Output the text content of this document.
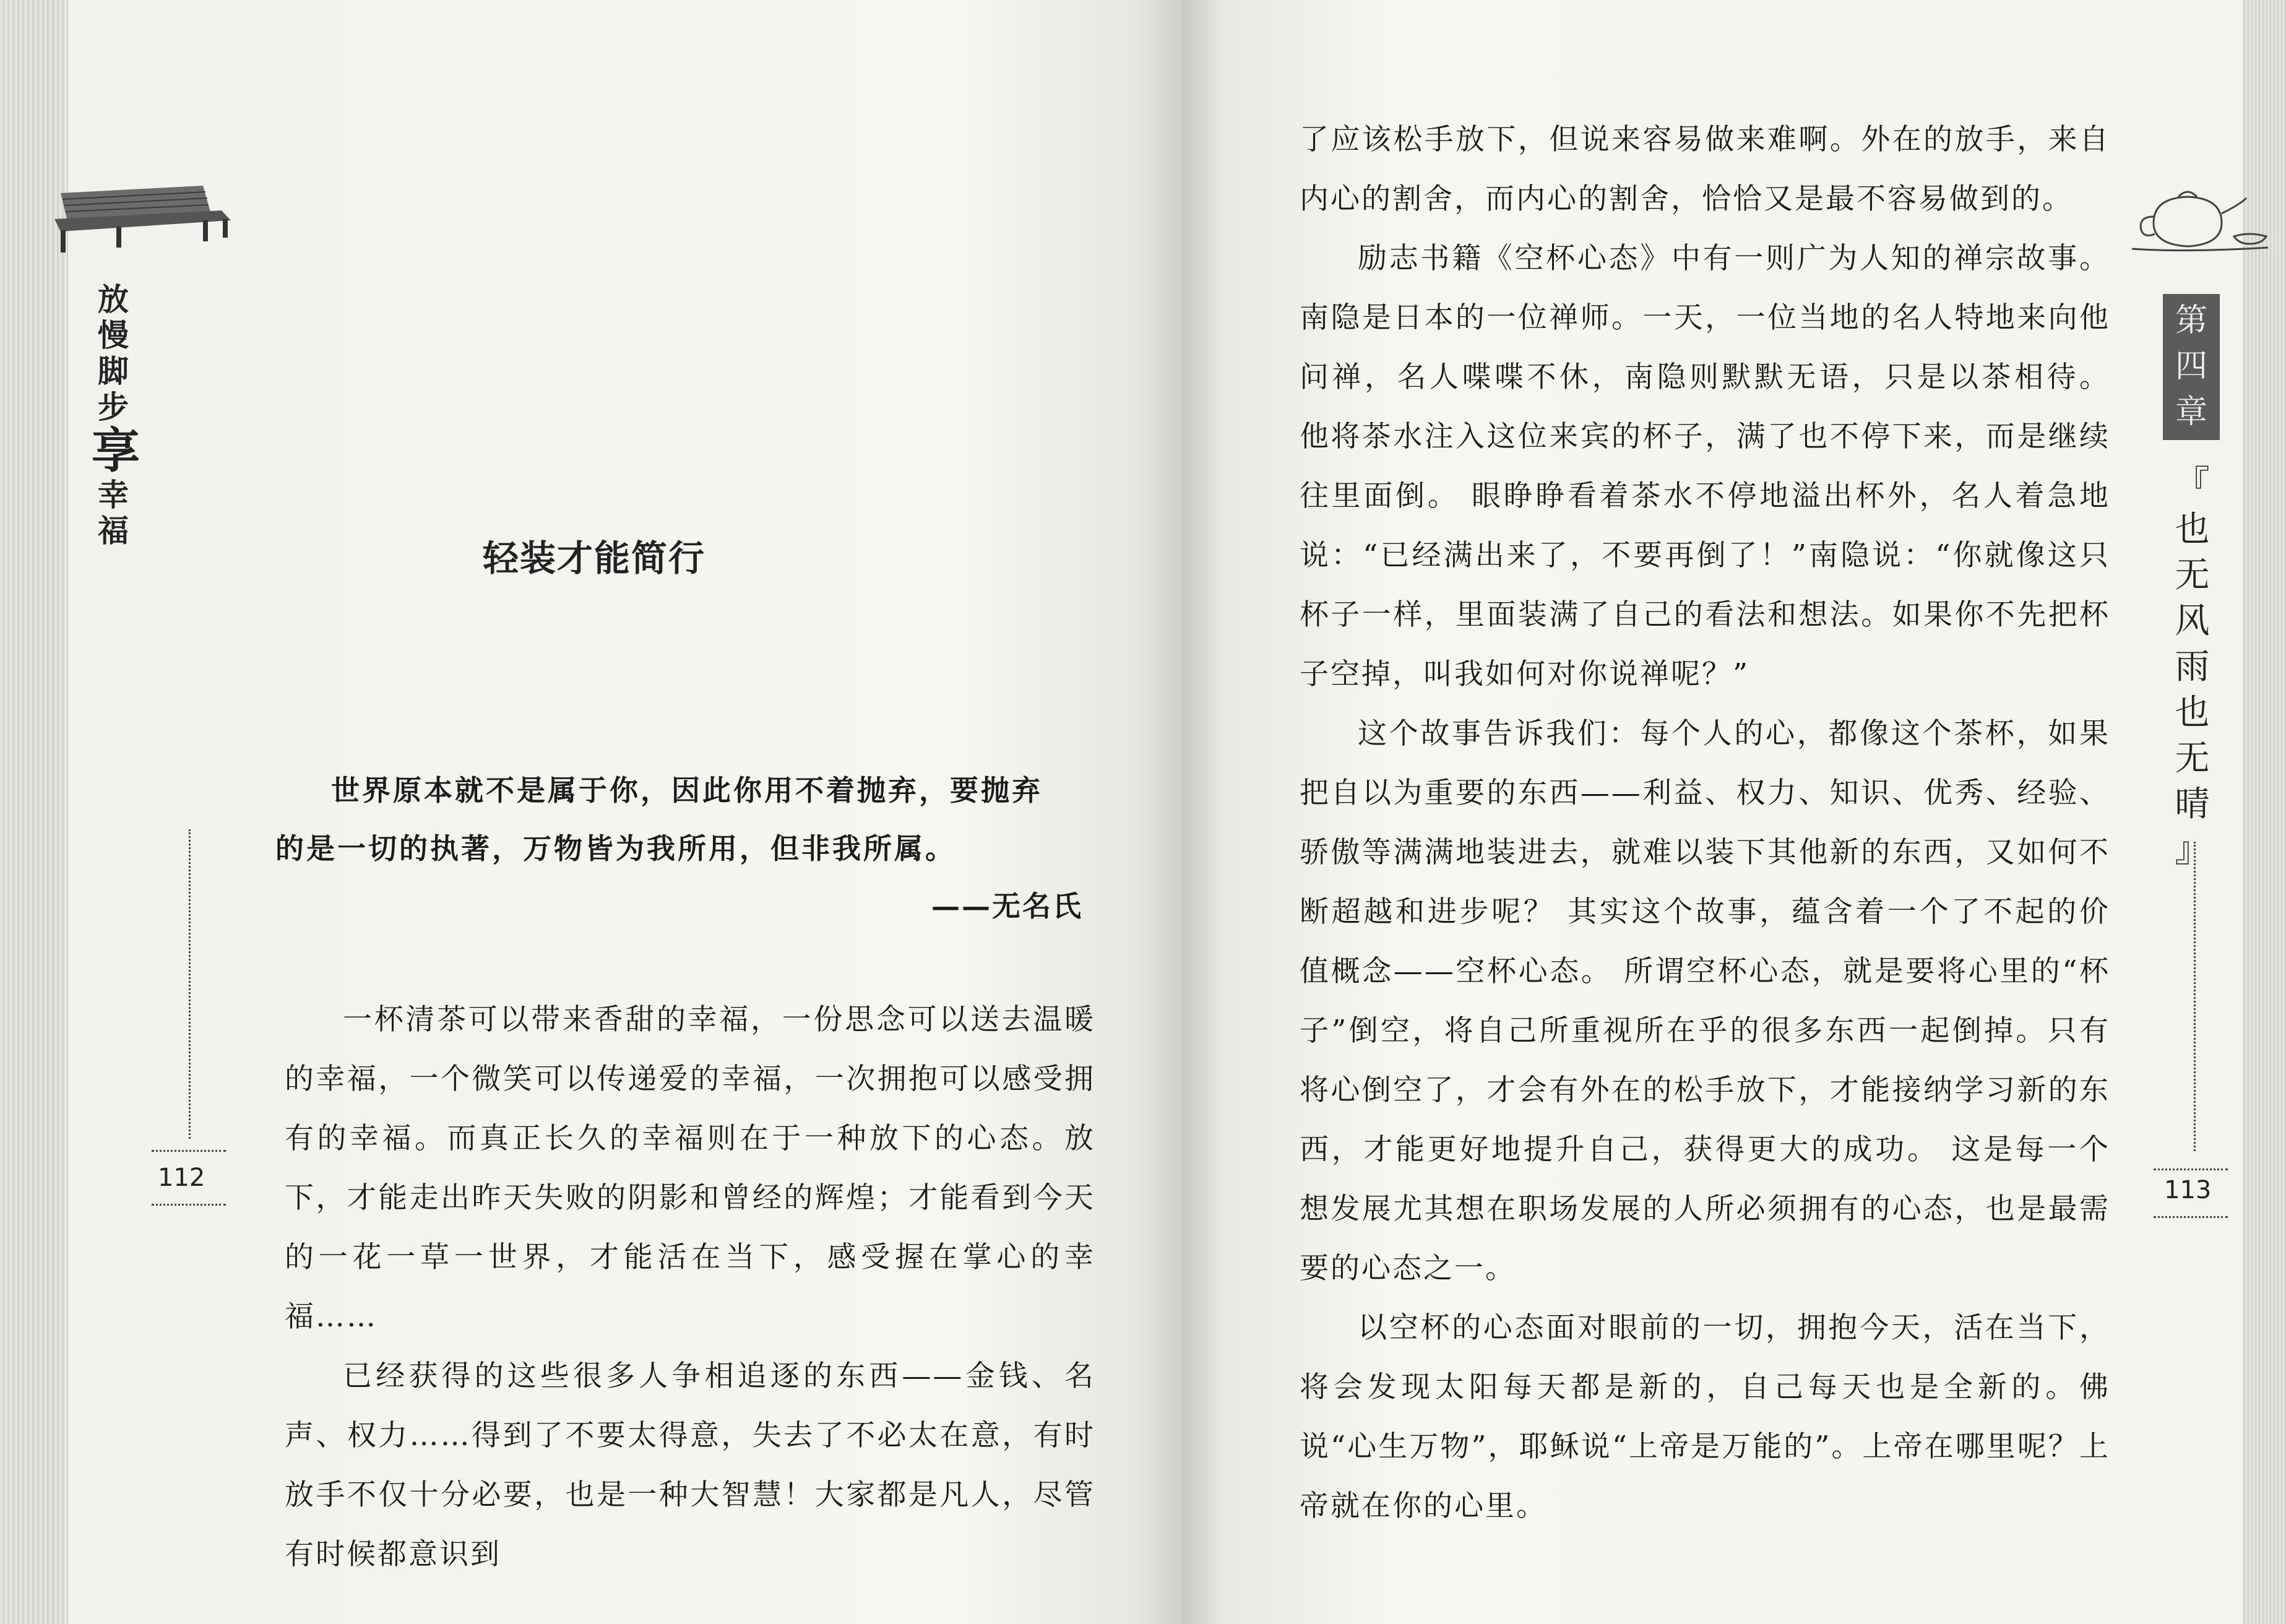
放
慢
脚
步
享
幸
福
112
轻装才能简行

世界原本就不是属于你，因此你用不着抛弃，要抛弃

的是一切的执著，万物皆为我所用，但非我所属。

——无名氏

一杯清茶可以带来香甜的幸福，一份思念可以送去温暖的幸福，一个微笑可以传递爱的幸福，一次拥抱可以感受拥有的幸福。而真正长久的幸福则在于一种放下的心态。放下，才能走出昨天失败的阴影和曾经的辉煌；才能看到今天的一花一草一世界，才能活在当下，感受握在掌心的幸福……

已经获得的这些很多人争相追逐的东西——金钱、名声、权力……得到了不要太得意，失去了不必太在意，有时放手不仅十分必要，也是一种大智慧！大家都是凡人，尽管有时候都意识到

第
四
章
『
也
无
风
雨
也
无
晴
』
113

了应该松手放下，但说来容易做来难啊。外在的放手，来自内心的割舍，而内心的割舍，恰恰又是最不容易做到的。

励志书籍《空杯心态》中有一则广为人知的禅宗故事。 南隐是日本的一位禅师。一天，一位当地的名人特地来向他问禅，名人喋喋不休，南隐则默默无语，只是以茶相待。 他将茶水注入这位来宾的杯子，满了也不停下来，而是继续往里面倒。 眼睁睁看着茶水不停地溢出杯外，名人着急地说：“已经满出来了，不要再倒了！”南隐说：“你就像这只杯子一样，里面装满了自己的看法和想法。如果你不先把杯子空掉，叫我如何对你说禅呢？”

这个故事告诉我们：每个人的心，都像这个茶杯，如果把自以为重要的东西——利益、权力、知识、优秀、经验、骄傲等满满地装进去，就难以装下其他新的东西，又如何不断超越和进步呢？ 其实这个故事，蕴含着一个了不起的价值概念——空杯心态。 所谓空杯心态，就是要将心里的“杯子”倒空，将自己所重视所在乎的很多东西一起倒掉。只有将心倒空了，才会有外在的松手放下，才能接纳学习新的东西，才能更好地提升自己，获得更大的成功。 这是每一个想发展尤其想在职场发展的人所必须拥有的心态，也是最需要的心态之一。

以空杯的心态面对眼前的一切，拥抱今天，活在当下，将会发现太阳每天都是新的，自己每天也是全新的。佛说“心生万物”，耶稣说“上帝是万能的”。上帝在哪里呢？上帝就在你的心里。
